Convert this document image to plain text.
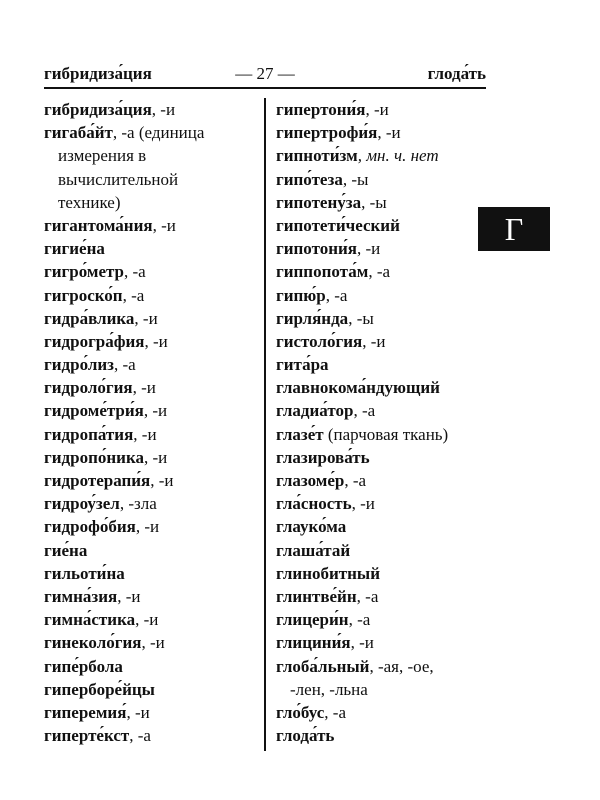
гибридиза́ция	— 27 —	глода́ть
гибридиза́ция, -и
гигаба́йт, -а (единица
измерения в
вычислительной
технике)
гигантома́ния, -и
гигие́на
гигро́метр, -а
гигроско́п, -а
гидра́влика, -и
гидрогра́фия, -и
гидро́лиз, -а
гидроло́гия, -и
гидроме́три́я, -и
гидропа́тия, -и
гидропо́ника, -и
гидротерапи́я, -и
гидроу́зел, -зла
гидрофо́бия, -и
гие́на
гильоти́на
гимна́зия, -и
гимна́стика, -и
гинеколо́гия, -и
гипе́рбола
гиперборе́йцы
гиперемия́, -и
гиперте́кст, -а
гипертони́я, -и
гипертрофи́я, -и
гипноти́зм, мн. ч. нет
гипо́теза, -ы
гипотену́за, -ы
гипотети́ческий
гипотони́я, -и
гиппопота́м, -а
гипю́р, -а
гирля́нда, -ы
гистоло́гия, -и
гита́ра
главнокома́ндующий
гладиа́тор, -а
глазе́т (парчовая ткань)
глазирова́ть
глазоме́р, -а
гла́сность, -и
глауко́ма
глаша́тай
глинобитный
глинтве́йн, -а
глицери́н, -а
глицини́я, -и
глоба́льный, -ая, -ое,
-лен, -льна
гло́бус, -а
глода́ть
Г
